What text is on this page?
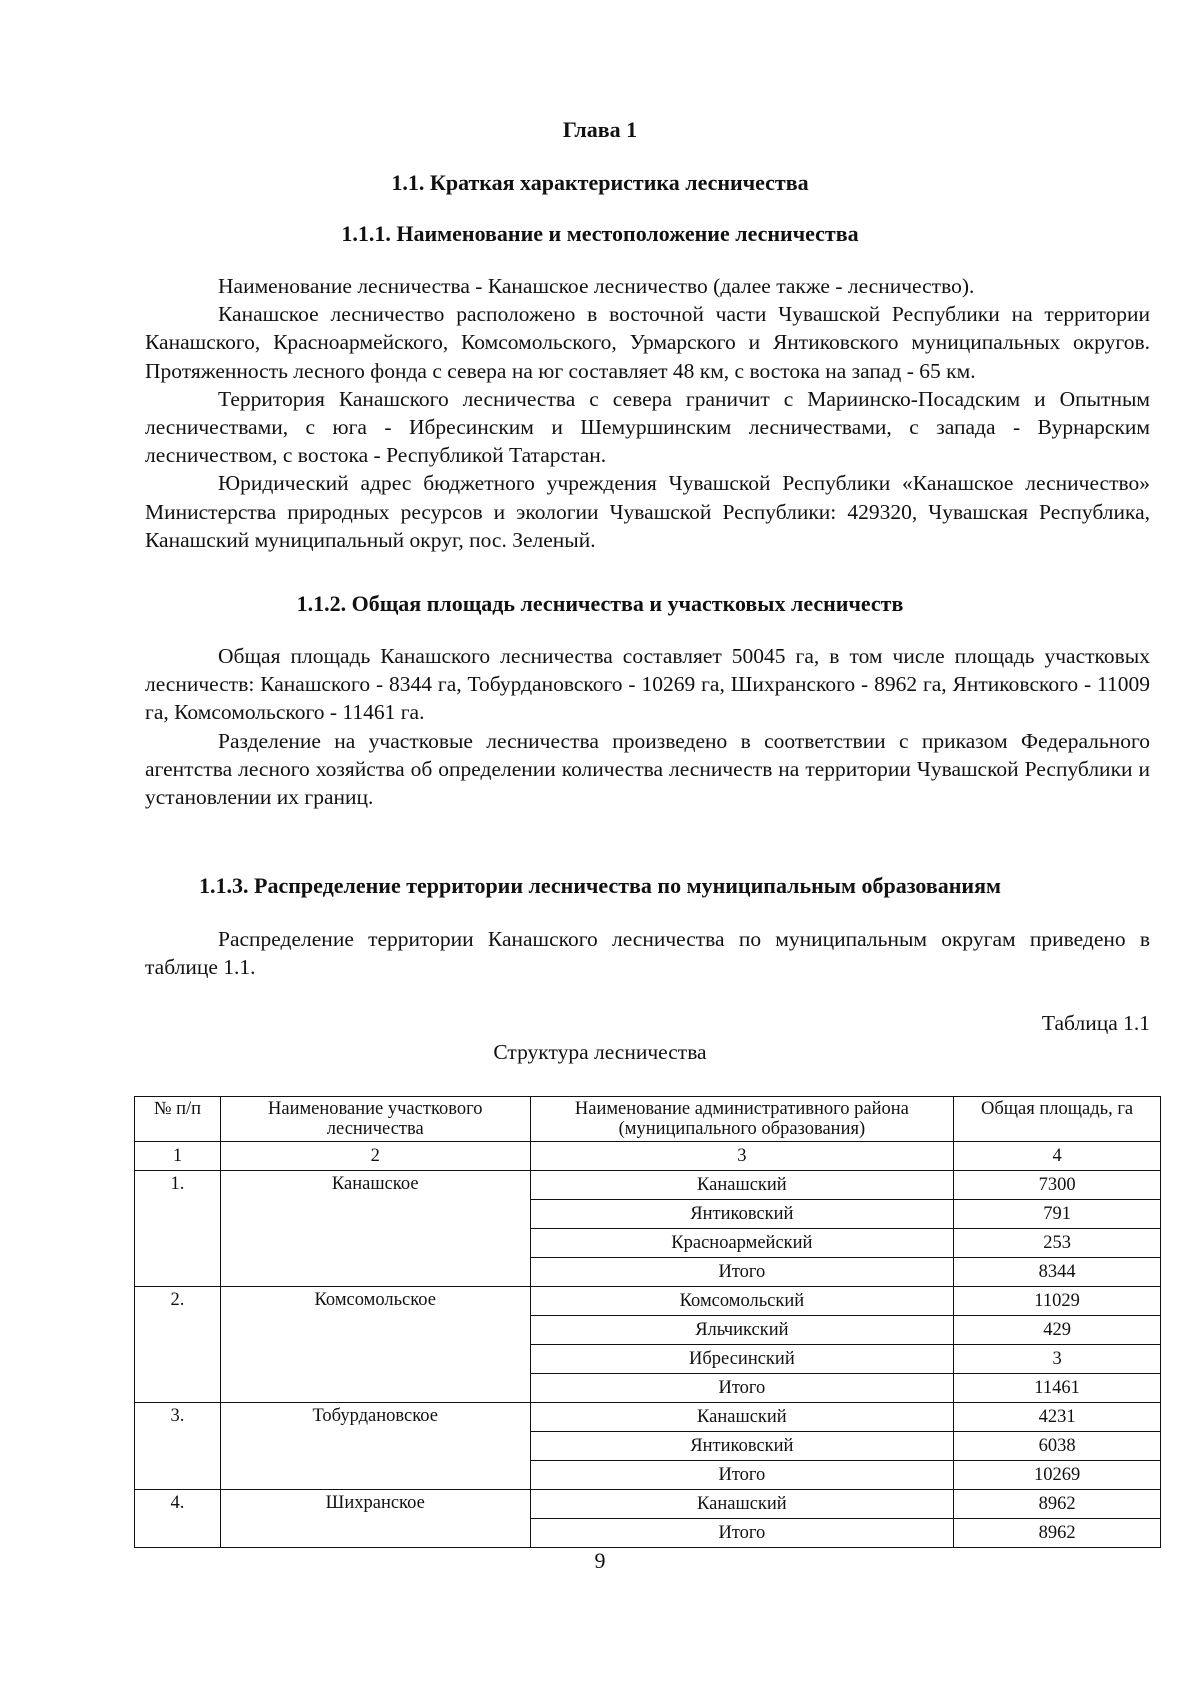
Глава 1
1.1. Краткая характеристика лесничества
1.1.1. Наименование и местоположение лесничества

Наименование лесничества - Канашское лесничество (далее также - лесничество).

Канашское лесничество расположено в восточной части Чувашской Республики на территории Канашского, Красноармейского, Комсомольского, Урмарского и Янтиковского муниципальных округов. Протяженность лесного фонда с севера на юг составляет 48 км, с востока на запад - 65 км.

Территория Канашского лесничества с севера граничит с Мариинско-Посадским и Опытным лесничествами, с юга - Ибресинским и Шемуршинским лесничествами, с запада - Вурнарским лесничеством, с востока - Республикой Татарстан.

Юридический адрес бюджетного учреждения Чувашской Республики «Канашское лесничество» Министерства природных ресурсов и экологии Чувашской Республики: 429320, Чувашская Республика, Канашский муниципальный округ, пос. Зеленый.

1.1.2. Общая площадь лесничества и участковых лесничеств

Общая площадь Канашского лесничества составляет 50045 га, в том числе площадь участковых лесничеств: Канашского - 8344 га, Тобурдановского - 10269 га, Шихранского - 8962 га, Янтиковского - 11009 га, Комсомольского - 11461 га.

Разделение на участковые лесничества произведено в соответствии с приказом Федерального агентства лесного хозяйства об определении количества лесничеств на территории Чувашской Республики и установлении их границ.

1.1.3. Распределение территории лесничества по муниципальным образованиям

Распределение территории Канашского лесничества по муниципальным округам приведено в таблице 1.1.

Таблица 1.1
Структура лесничества
№ п/п	Наименование участкового лесничества	Наименование административного района (муниципального образования)	Общая площадь, га
1	2	3	4
1.	Канашское	Канашский	7300
		Янтиковский	791
		Красноармейский	253
		Итого	8344
2.	Комсомольское	Комсомольский	11029
		Яльчикский	429
		Ибресинский	3
		Итого	11461
3.	Тобурдановское	Канашский	4231
		Янтиковский	6038
		Итого	10269
4.	Шихранское	Канашский	8962
		Итого	8962
9
